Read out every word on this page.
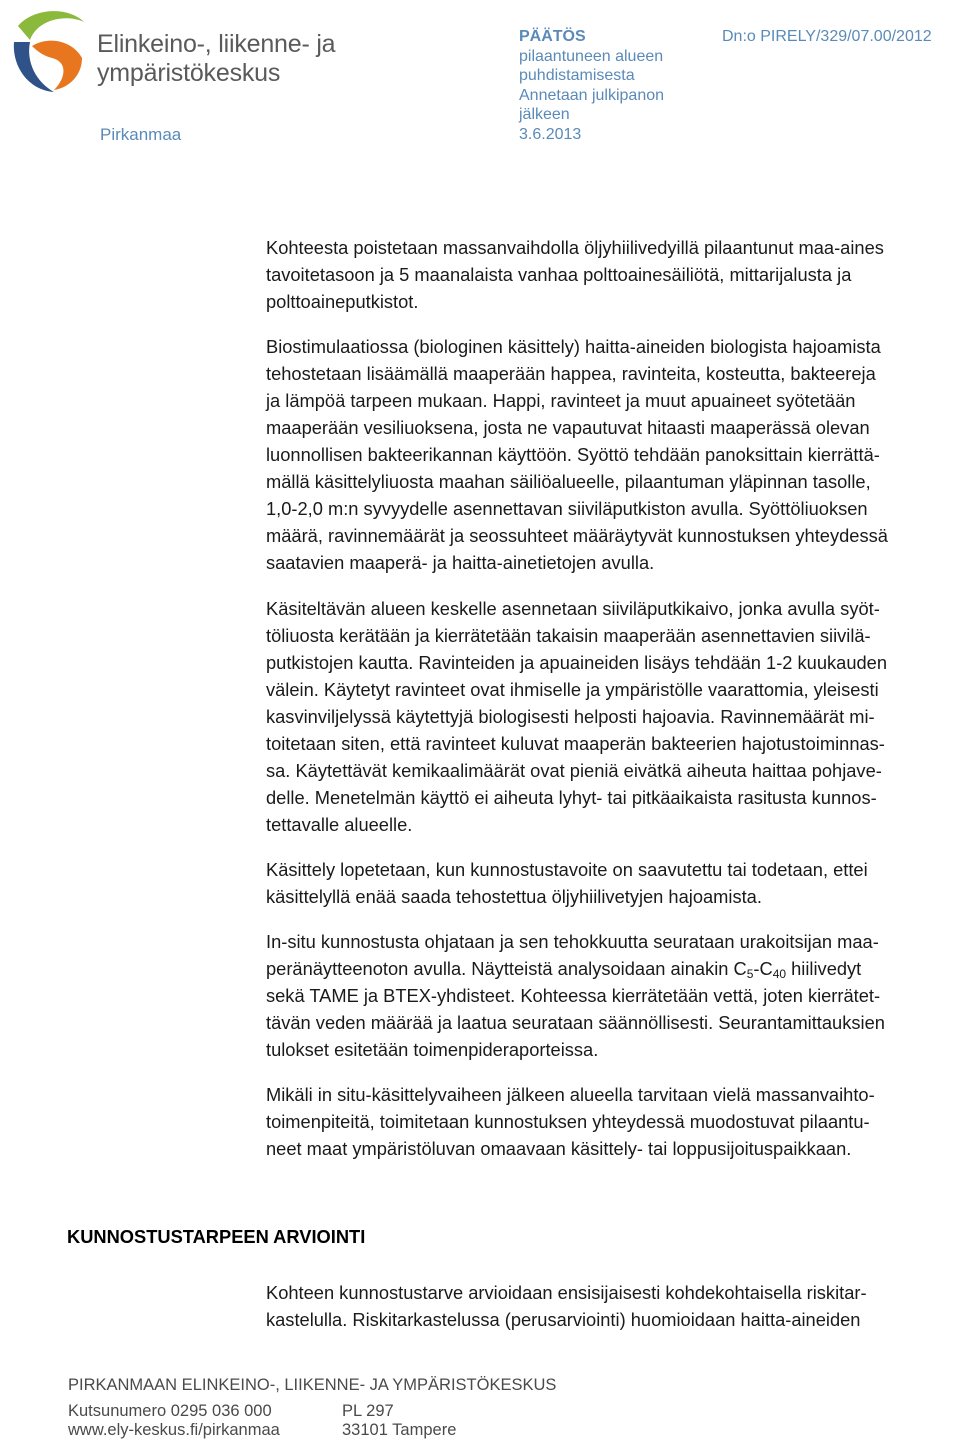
Elinkeino-, liikenne- ja
ympäristökeskus
Pirkanmaa
PÄÄTÖS
pilaantuneen alueen
puhdistamisesta
Annetaan julkipanon
jälkeen
3.6.2013
Dn:o PIRELY/329/07.00/2012
Kohteesta poistetaan massanvaihdolla öljyhiilivedyillä pilaantunut maa-aines
tavoitetasoon ja 5 maanalaista vanhaa polttoainesäiliötä, mittarijalusta ja
polttoaineputkistot.
Biostimulaatiossa (biologinen käsittely) haitta-aineiden biologista hajoamista
tehostetaan lisäämällä maaperään happea, ravinteita, kosteutta, bakteereja
ja lämpöä tarpeen mukaan. Happi, ravinteet ja muut apuaineet syötetään
maaperään vesiliuoksena, josta ne vapautuvat hitaasti maaperässä olevan
luonnollisen bakteerikannan käyttöön. Syöttö tehdään panoksittain kierrättä-
mällä käsittelyliuosta maahan säiliöalueelle, pilaantuman yläpinnan tasolle,
1,0-2,0 m:n syvyydelle asennettavan siiviläputkiston avulla. Syöttöliuoksen
määrä, ravinnemäärät ja seossuhteet määräytyvät kunnostuksen yhteydessä
saatavien maaperä- ja haitta-ainetietojen avulla.
Käsiteltävän alueen keskelle asennetaan siiviläputkikaivo, jonka avulla syöt-
töliuosta kerätään ja kierrätetään takaisin maaperään asennettavien siivilä-
putkistojen kautta. Ravinteiden ja apuaineiden lisäys tehdään 1-2 kuukauden
välein. Käytetyt ravinteet ovat ihmiselle ja ympäristölle vaarattomia, yleisesti
kasvinviljelyssä käytettyjä biologisesti helposti hajoavia. Ravinnemäärät mi-
toitetaan siten, että ravinteet kuluvat maaperän bakteerien hajotustoiminnas-
sa. Käytettävät kemikaalimäärät ovat pieniä eivätkä aiheuta haittaa pohjave-
delle. Menetelmän käyttö ei aiheuta lyhyt- tai pitkäaikaista rasitusta kunnos-
tettavalle alueelle.
Käsittely lopetetaan, kun kunnostustavoite on saavutettu tai todetaan, ettei
käsittelyllä enää saada tehostettua öljyhiilivetyjen hajoamista.
In-situ kunnostusta ohjataan ja sen tehokkuutta seurataan urakoitsijan maa-
peränäytteenoton avulla. Näytteistä analysoidaan ainakin $C_5-C_{40}$ hiilivedyt
sekä TAME ja BTEX-yhdisteet. Kohteessa kierrätetään vettä, joten kierrätet-
tävän veden määrää ja laatua seurataan säännöllisesti. Seurantamittauksien
tulokset esitetään toimenpideraporteissa.
Mikäli in situ-käsittelyvaiheen jälkeen alueella tarvitaan vielä massanvaihto-
toimenpiteitä, toimitetaan kunnostuksen yhteydessä muodostuvat pilaantu-
neet maat ympäristöluvan omaavaan käsittely- tai loppusijoituspaikkaan.
KUNNOSTUSTARPEEN ARVIOINTI
Kohteen kunnostustarve arvioidaan ensisijaisesti kohdekohtaisella riskitar-
kastelulla. Riskitarkastelussa (perusarviointi) huomioidaan haitta-aineiden
PIRKANMAAN ELINKEINO-, LIIKENNE- JA YMPÄRISTÖKESKUS
Kutsunumero 0295 036 000
www.ely-keskus.fi/pirkanmaa
PL 297
33101 Tampere
